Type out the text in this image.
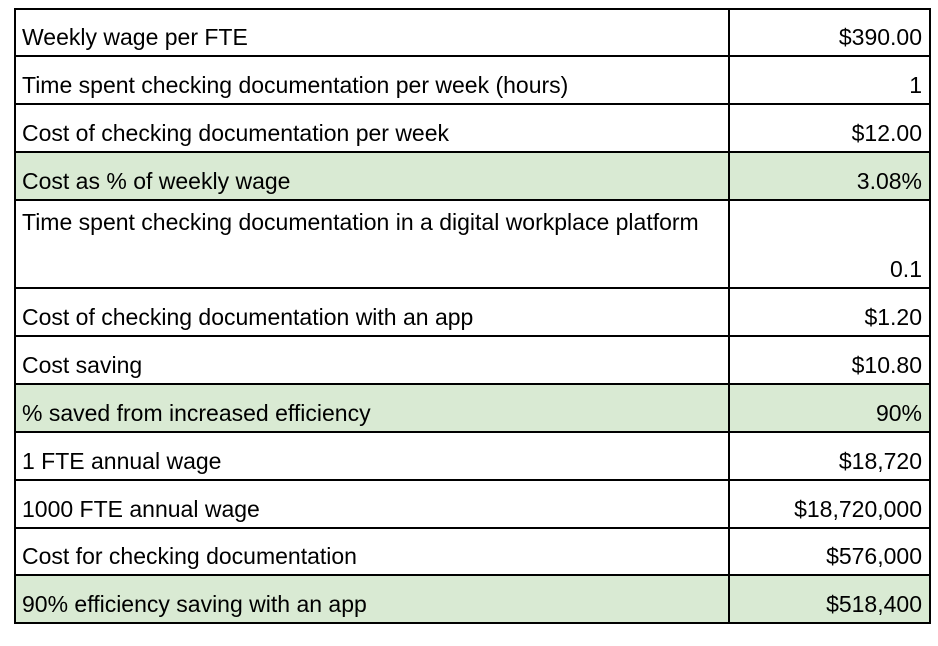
Weekly wage per FTE	$390.00
Time spent checking documentation per week (hours)	1
Cost of checking documentation per week	$12.00
Cost as % of weekly wage	3.08%
Time spent checking documentation in a digital workplace platform	0.1
Cost of checking documentation with an app	$1.20
Cost saving	$10.80
% saved from increased efficiency	90%
1 FTE annual wage	$18,720
1000 FTE annual wage	$18,720,000
Cost for checking documentation	$576,000
90% efficiency saving with an app	$518,400
